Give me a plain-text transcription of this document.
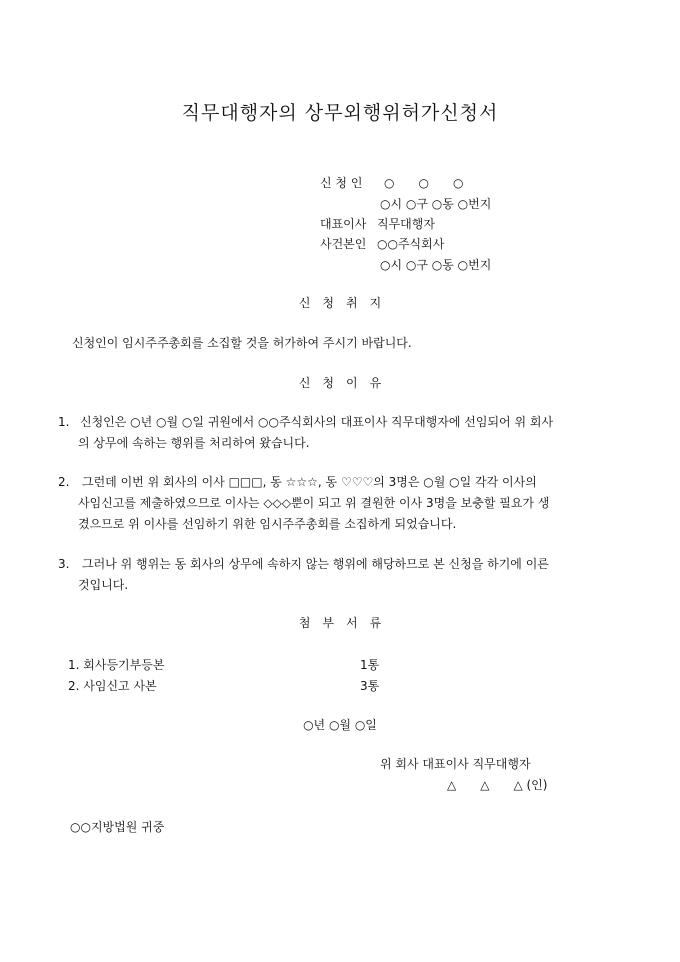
직무대행자의 상무외행위허가신청서
신 청 인 ○　　○　　○
○시 ○구 ○동 ○번지
대표이사 직무대행자
사건본인 ○○주식회사
○시 ○구 ○동 ○번지
신　청　취　지
신청인이 임시주주총회를 소집할 것을 허가하여 주시기 바랍니다.
신　청　이　유
1. 신청인은 ○년 ○월 ○일 귀원에서 ○○주식회사의 대표이사 직무대행자에 선임되어 위 회사
의 상무에 속하는 행위를 처리하여 왔습니다.
2. 그런데 이번 위 회사의 이사 □□□, 동 ☆☆☆, 동 ♡♡♡의 3명은 ○월 ○일 각각 이사의
사임신고를 제출하였으므로 이사는 ◇◇◇뿐이 되고 위 결원한 이사 3명을 보충할 필요가 생
겼으므로 위 이사를 선임하기 위한 임시주주총회를 소집하게 되었습니다.
3. 그러나 위 행위는 동 회사의 상무에 속하지 않는 행위에 해당하므로 본 신청을 하기에 이른
것입니다.
첨　부　서　류
1. 회사등기부등본	1통
2. 사임신고 사본	3통
○년 ○월 ○일
위 회사 대표이사 직무대행자
△　　△　　△ (인)
○○지방법원 귀중
